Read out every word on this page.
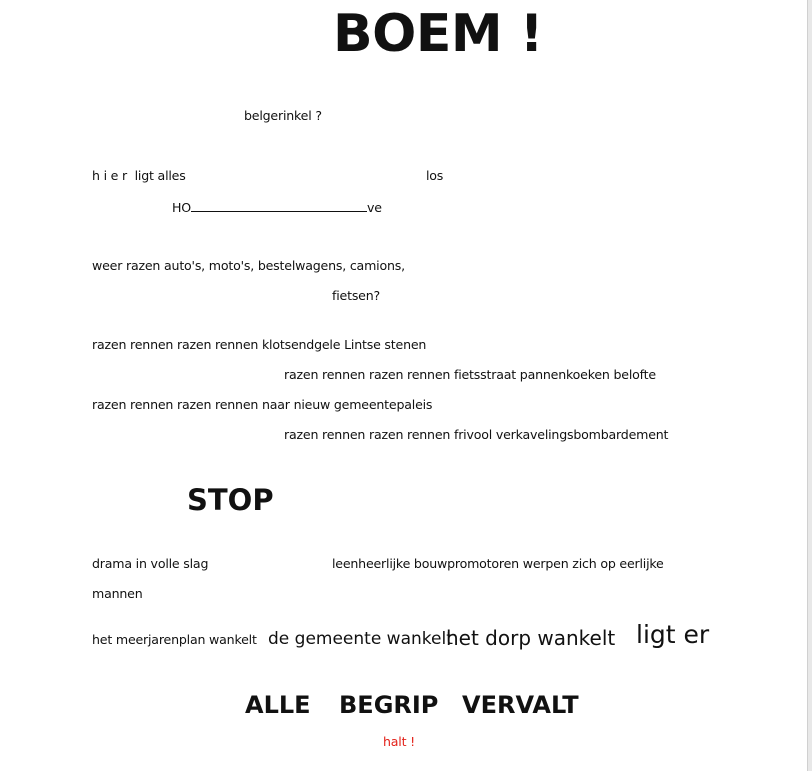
BOEM !
belgerinkel ?
h i e r  ligt alles	los
HO	ve
weer razen auto's, moto's, bestelwagens, camions,
fietsen?
razen rennen razen rennen klotsendgele Lintse stenen
razen rennen razen rennen fietsstraat pannenkoeken belofte
razen rennen razen rennen naar nieuw gemeentepaleis
razen rennen razen rennen frivool verkavelingsbombardement
STOP
drama in volle slag	leenheerlijke bouwpromotoren werpen zich op eerlijke
mannen
het meerjarenplan wankelt de gemeente wankelt
het dorp wankelt ligt er
ALLE BEGRIP VERVALT
halt !
